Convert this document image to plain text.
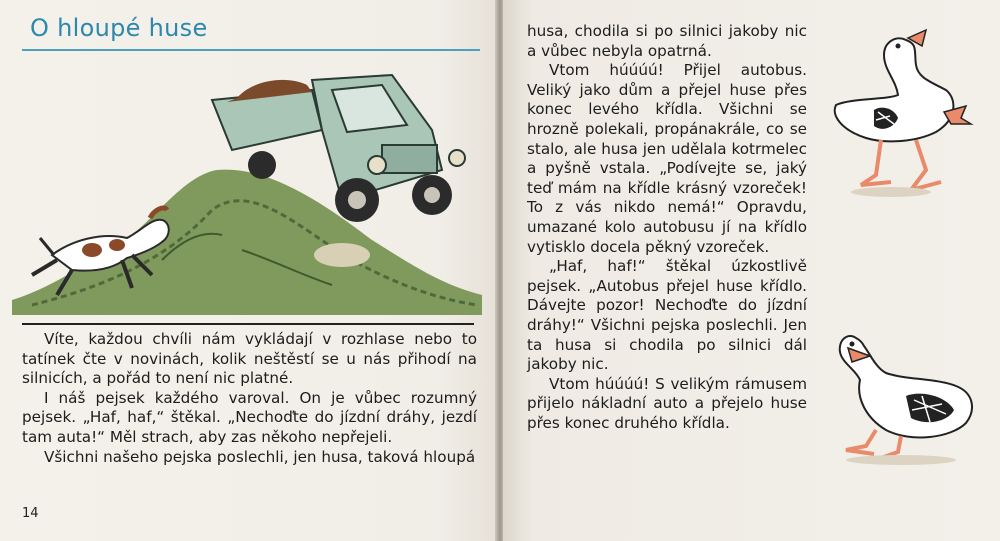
O hloupé huse

Víte, každou chvíli nám vykládají v rozhlase nebo to tatínek čte v novinách, kolik neštěstí se u nás přihodí na silnicích, a pořád to není nic platné.

I náš pejsek každého varoval. On je vůbec rozumný pejsek. „Haf, haf,“ štěkal. „Nechoďte do jízdní dráhy, jezdí tam auta!“ Měl strach, aby zas někoho nepřejeli.

Všichni našeho pejska poslechli, jen husa, taková hloupá

14

husa, chodila si po silnici jakoby nic a vůbec nebyla opatrná.

Vtom húúúú! Přijel autobus. Veliký jako dům a přejel huse přes konec levého křídla. Všichni se hrozně polekali, propánakrále, co se stalo, ale husa jen udělala kotrmelec a pyšně vstala. „Podívejte se, jaký teď mám na křídle krásný vzoreček! To z vás nikdo nemá!“ Opravdu, umazané kolo autobusu jí na křídlo vytisklo docela pěkný vzoreček.

„Haf, haf!“ štěkal úzkostlivě pejsek. „Autobus přejel huse křídlo. Dávejte pozor! Nechoďte do jízdní dráhy!“ Všichni pejska poslechli. Jen ta husa si chodila po silnici dál jakoby nic.

Vtom húúúú! S velikým rámusem přijelo nákladní auto a přejelo huse přes konec druhého křídla.
